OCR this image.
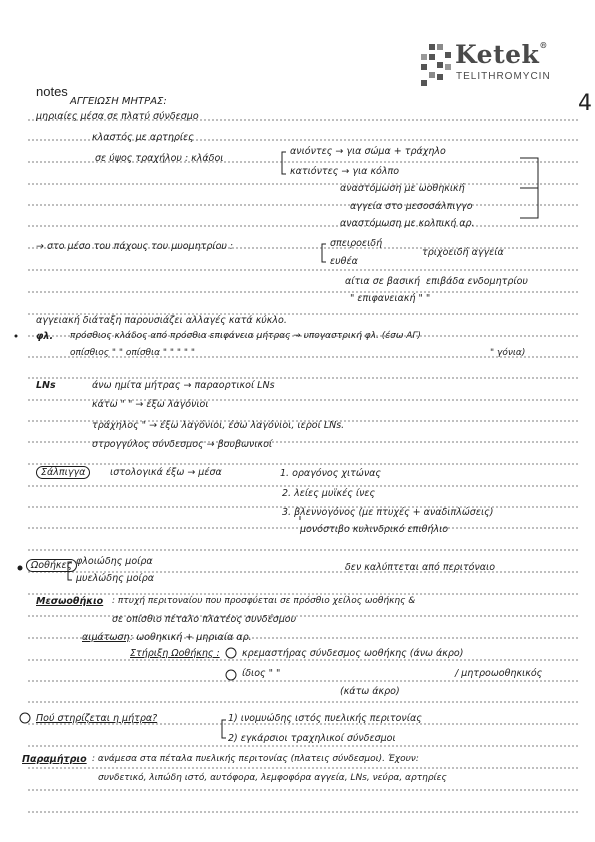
Ketek®
TELITHROMYCIN
notes	4
ΑΓΓΕΙΩΣΗ ΜΗΤΡΑΣ:
μηριαίες μέσα σε πλατύ σύνδεσμο
κλαστός με αρτηρίες
σε ύψος τραχήλου : κλάδοι
ανιόντες → για σώμα + τράχηλο
κατιόντες → για κόλπο
αναστόμωση με ωοθηκική
αγγεία στο μεσοσάλπιγγο
αναστόμωση με κολπική αρ.
→ στο μέσο του πάχους του μυομητρίου :	σπειροειδή
τριχοειδή αγγεία
ευθέα
αίτια σε βασική επιβάδα ενδομητρίου
" επιφανειακή " "
αγγειακή διάταξη παρουσιάζει αλλαγές κατά κύκλο.
φλ. πρόσθιος κλάδος από πρόσθια επιφάνεια μήτρας → υπογαστρική φλ. (έσω ΑΓ)
οπίσθιος " " οπίσθια " " " " "	" γόνια)
LNs	άνω ημίτα μήτρας → παραορτικοί LNs
κάτω " " → έξω λαγόνιοι
τράχηλος " → έξω λαγόνιοι, έσω λαγόνιοι, ιεροί LNs.
στρογγύλος σύνδεσμος → βουβωνικοί
Σάλπιγγα	ιστολογικά έξω → μέσα	1. οραγόνος χιτώνας
2. λείες μυϊκές ίνες
3. βλεννογόνος (με πτυχές + αναδιπλώσεις)
μονόστιβο κυλινδρικό επιθήλιο
Ωοθήκες φλοιώδης μοίρα
μυελώδης μοίρα
δεν καλύπτεται από περιτόναιο
Μεσωοθήκιο : πτυχή περιτοναίου που προσφύεται σε πρόσθιο χείλος ωοθήκης &
σε οπίσθιο πέταλο πλατέος συνδέσμου
αιμάτωση : ωοθηκική + μηριαία αρ.
Στήριξη Ωοθήκης : κρεμαστήρας σύνδεσμος ωοθήκης (άνω άκρο)
ίδιος " "	/ μητροωοθηκικός
(κάτω άκρο)
Πού στηρίζεται η μήτρα?	1) ινομυώδης ιστός πυελικής περιτονίας
2) εγκάρσιοι τραχηλικοί σύνδεσμοι
Παραμήτριο : ανάμεσα στα πέταλα πυελικής περιτονίας (πλατεις σύνδεσμοι). Έχουν:
συνδετικό, λιπώδη ιστό, αυτόφορα, λεμφοφόρα αγγεία, LNs, νεύρα, αρτηρίες
